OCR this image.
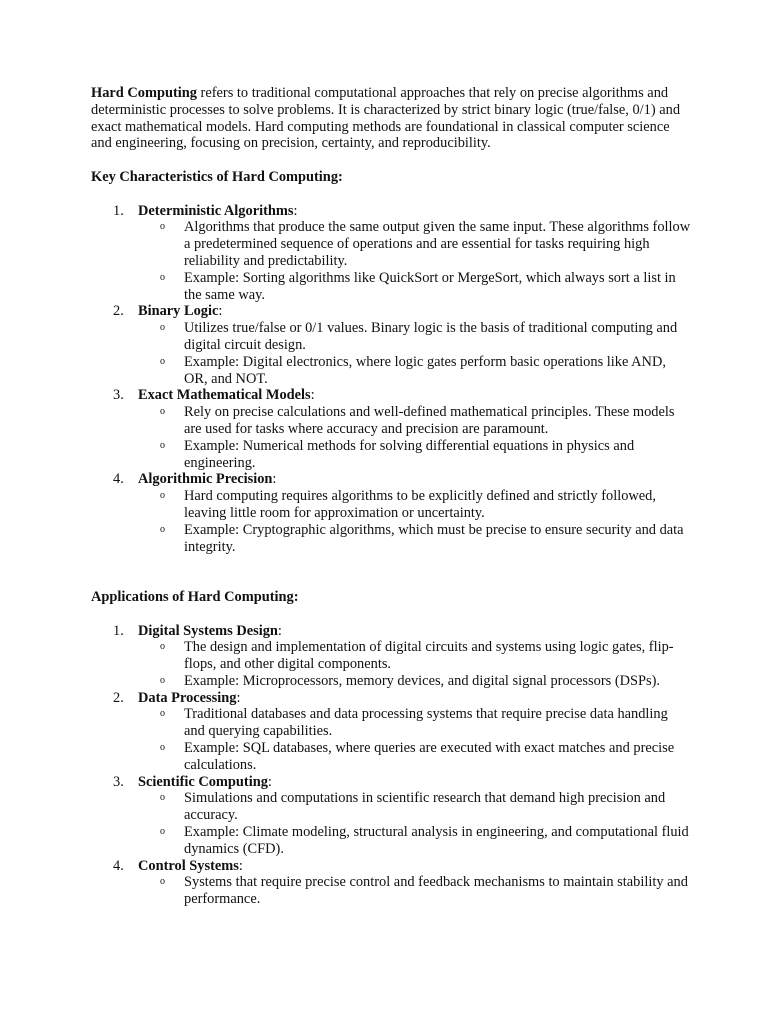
Hard Computing refers to traditional computational approaches that rely on precise algorithms and deterministic processes to solve problems. It is characterized by strict binary logic (true/false, 0/1) and exact mathematical models. Hard computing methods are foundational in classical computer science and engineering, focusing on precision, certainty, and reproducibility.

Key Characteristics of Hard Computing:
1. Deterministic Algorithms:
o Algorithms that produce the same output given the same input. These algorithms follow a predetermined sequence of operations and are essential for tasks requiring high reliability and predictability.
o Example: Sorting algorithms like QuickSort or MergeSort, which always sort a list in the same way.
2. Binary Logic:
o Utilizes true/false or 0/1 values. Binary logic is the basis of traditional computing and digital circuit design.
o Example: Digital electronics, where logic gates perform basic operations like AND, OR, and NOT.
3. Exact Mathematical Models:
o Rely on precise calculations and well-defined mathematical principles. These models are used for tasks where accuracy and precision are paramount.
o Example: Numerical methods for solving differential equations in physics and engineering.
4. Algorithmic Precision:
o Hard computing requires algorithms to be explicitly defined and strictly followed, leaving little room for approximation or uncertainty.
o Example: Cryptographic algorithms, which must be precise to ensure security and data integrity.
Applications of Hard Computing:
1. Digital Systems Design:
o The design and implementation of digital circuits and systems using logic gates, flip-flops, and other digital components.
o Example: Microprocessors, memory devices, and digital signal processors (DSPs).
2. Data Processing:
o Traditional databases and data processing systems that require precise data handling and querying capabilities.
o Example: SQL databases, where queries are executed with exact matches and precise calculations.
3. Scientific Computing:
o Simulations and computations in scientific research that demand high precision and accuracy.
o Example: Climate modeling, structural analysis in engineering, and computational fluid dynamics (CFD).
4. Control Systems:
o Systems that require precise control and feedback mechanisms to maintain stability and performance.
